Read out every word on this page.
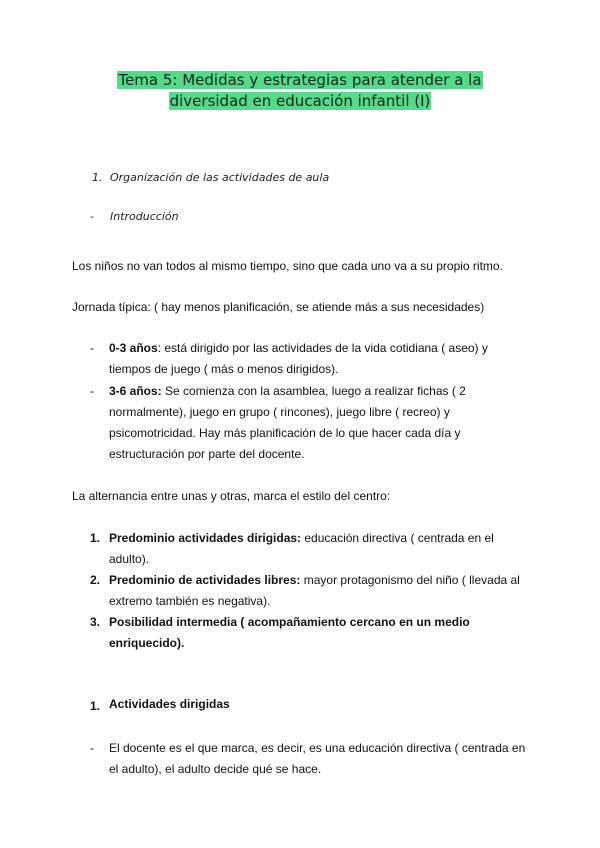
Tema 5: Medidas y estrategias para atender a la
diversidad en educación infantil (I)
1. Organización de las actividades de aula
- Introducción
Los niños no van todos al mismo tiempo, sino que cada uno va a su propio ritmo.
Jornada típica: ( hay menos planificación, se atiende más a sus necesidades)
- 0-3 años: está dirigido por las actividades de la vida cotidiana ( aseo) y tiempos de juego ( más o menos dirigidos).
- 3-6 años: Se comienza con la asamblea, luego a realizar fichas ( 2 normalmente), juego en grupo ( rincones), juego libre ( recreo) y psicomotricidad. Hay más planificación de lo que hacer cada día y estructuración por parte del docente.
La alternancia entre unas y otras, marca el estilo del centro:
1. Predominio actividades dirigidas: educación directiva ( centrada en el adulto).
2. Predominio de actividades libres: mayor protagonismo del niño ( llevada al extremo también es negativa).
3. Posibilidad intermedia ( acompañamiento cercano en un medio enriquecido).
1. Actividades dirigidas
- El docente es el que marca, es decir, es una educación directiva ( centrada en el adulto), el adulto decide qué se hace.
